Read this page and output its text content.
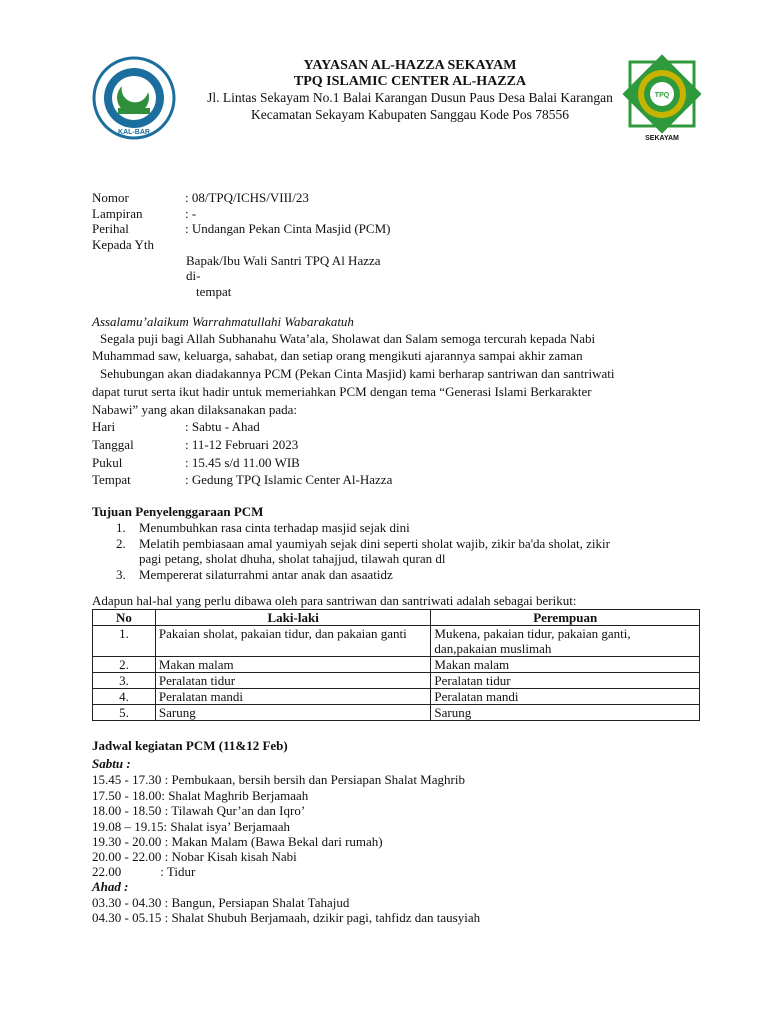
KAL-BAR
TPQ
SEKAYAM
YAYASAN AL-HAZZA SEKAYAM
TPQ ISLAMIC CENTER AL-HAZZA
Jl. Lintas Sekayam No.1 Balai Karangan Dusun Paus Desa Balai Karangan
Kecamatan Sekayam Kabupaten Sanggau Kode Pos 78556
Nomor	: 08/TPQ/ICHS/VIII/23
Lampiran	: -
Perihal	: Undangan Pekan Cinta Masjid (PCM)
Kepada Yth
Bapak/Ibu Wali Santri TPQ Al Hazza
di-
tempat
Assalamu’alaikum Warrahmatullahi Wabarakatuh
Segala puji bagi Allah Subhanahu Wata’ala, Sholawat dan Salam semoga tercurah kepada Nabi
Muhammad saw, keluarga, sahabat, dan setiap orang mengikuti ajarannya sampai akhir zaman
Sehubungan akan diadakannya PCM (Pekan Cinta Masjid) kami berharap santriwan dan santriwati
dapat turut serta ikut hadir untuk memeriahkan PCM dengan tema “Generasi Islami Berkarakter
Nabawi” yang akan dilaksanakan pada:
Hari	: Sabtu - Ahad
Tanggal	: 11-12 Februari 2023
Pukul	: 15.45 s/d 11.00 WIB
Tempat	: Gedung TPQ Islamic Center Al-Hazza
Tujuan Penyelenggaraan PCM
1. Menumbuhkan rasa cinta terhadap masjid sejak dini
2. Melatih pembiasaan amal yaumiyah sejak dini seperti sholat wajib, zikir ba'da sholat, zikir
pagi petang, sholat dhuha, sholat tahajjud, tilawah quran dl
3. Mempererat silaturrahmi antar anak dan asaatidz
Adapun hal-hal yang perlu dibawa oleh para santriwan dan santriwati adalah sebagai berikut:
No	Laki-laki	Perempuan
1.	Pakaian sholat, pakaian tidur, dan pakaian ganti	Mukena, pakaian tidur, pakaian ganti, dan,pakaian muslimah
2.	Makan malam	Makan malam
3.	Peralatan tidur	Peralatan tidur
4.	Peralatan mandi	Peralatan mandi
5.	Sarung	Sarung
Jadwal kegiatan PCM (11&12 Feb)
Sabtu :
15.45 - 17.30 : Pembukaan, bersih bersih dan Persiapan Shalat Maghrib
17.50 - 18.00: Shalat Maghrib Berjamaah
18.00 - 18.50 : Tilawah Qur’an dan Iqro’
19.08 – 19.15: Shalat isya’ Berjamaah
19.30 - 20.00 : Makan Malam (Bawa Bekal dari rumah)
20.00 - 22.00 : Nobar Kisah kisah Nabi
22.00            : Tidur
Ahad :
03.30 - 04.30 : Bangun, Persiapan Shalat Tahajud
04.30 - 05.15 : Shalat Shubuh Berjamaah, dzikir pagi, tahfidz dan tausyiah
